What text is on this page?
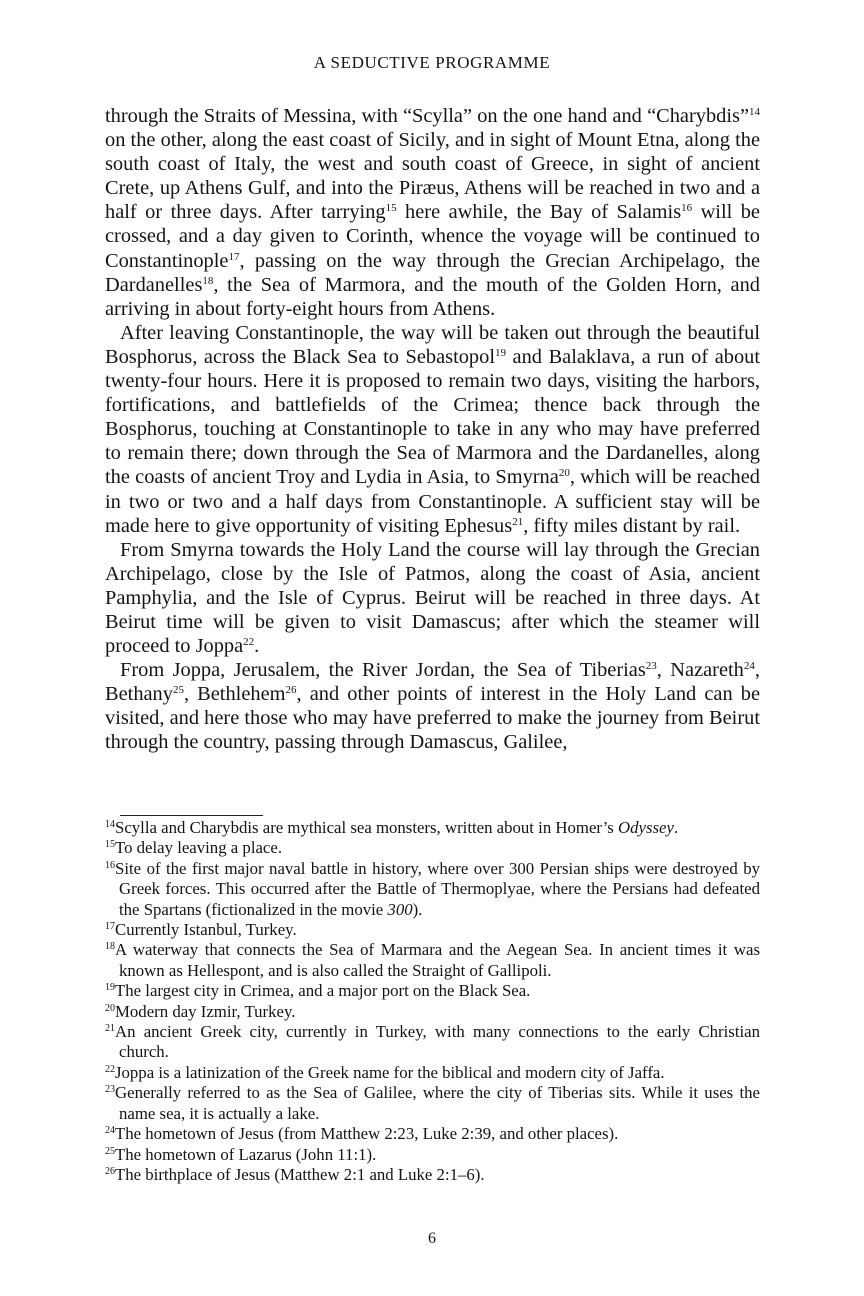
A SEDUCTIVE PROGRAMME

through the Straits of Messina, with “Scylla” on the one hand and “Charybdis”$^{14}$ on the other, along the east coast of Sicily, and in sight of Mount Etna, along the south coast of Italy, the west and south coast of Greece, in sight of ancient Crete, up Athens Gulf, and into the Piræus, Athens will be reached in two and a half or three days. After tarrying$^{15}$ here awhile, the Bay of Salamis$^{16}$ will be crossed, and a day given to Corinth, whence the voyage will be continued to Constantinople$^{17}$, passing on the way through the Grecian Archipelago, the Dardanelles$^{18}$, the Sea of Marmora, and the mouth of the Golden Horn, and arriving in about forty-eight hours from Athens.

After leaving Constantinople, the way will be taken out through the beautiful Bosphorus, across the Black Sea to Sebastopol$^{19}$ and Balaklava, a run of about twenty-four hours. Here it is proposed to remain two days, visiting the harbors, fortifications, and battlefields of the Crimea; thence back through the Bosphorus, touching at Constantinople to take in any who may have preferred to remain there; down through the Sea of Marmora and the Dardanelles, along the coasts of ancient Troy and Lydia in Asia, to Smyrna$^{20}$, which will be reached in two or two and a half days from Constantinople. A sufficient stay will be made here to give opportunity of visiting Ephesus$^{21}$, fifty miles distant by rail.

From Smyrna towards the Holy Land the course will lay through the Grecian Archipelago, close by the Isle of Patmos, along the coast of Asia, ancient Pamphylia, and the Isle of Cyprus. Beirut will be reached in three days. At Beirut time will be given to visit Damascus; after which the steamer will proceed to Joppa$^{22}$.

From Joppa, Jerusalem, the River Jordan, the Sea of Tiberias$^{23}$, Nazareth$^{24}$, Bethany$^{25}$, Bethlehem$^{26}$, and other points of interest in the Holy Land can be visited, and here those who may have preferred to make the journey from Beirut through the country, passing through Damascus, Galilee,

$^{14}$Scylla and Charybdis are mythical sea monsters, written about in Homer’s Odyssey.

$^{15}$To delay leaving a place.

$^{16}$Site of the first major naval battle in history, where over 300 Persian ships were destroyed by Greek forces. This occurred after the Battle of Thermoplyae, where the Persians had defeated the Spartans (fictionalized in the movie 300).

$^{17}$Currently Istanbul, Turkey.

$^{18}$A waterway that connects the Sea of Marmara and the Aegean Sea. In ancient times it was known as Hellespont, and is also called the Straight of Gallipoli.

$^{19}$The largest city in Crimea, and a major port on the Black Sea.

$^{20}$Modern day Izmir, Turkey.

$^{21}$An ancient Greek city, currently in Turkey, with many connections to the early Christian church.

$^{22}$Joppa is a latinization of the Greek name for the biblical and modern city of Jaffa.

$^{23}$Generally referred to as the Sea of Galilee, where the city of Tiberias sits. While it uses the name sea, it is actually a lake.

$^{24}$The hometown of Jesus (from Matthew 2:23, Luke 2:39, and other places).

$^{25}$The hometown of Lazarus (John 11:1).

$^{26}$The birthplace of Jesus (Matthew 2:1 and Luke 2:1–6).

6
